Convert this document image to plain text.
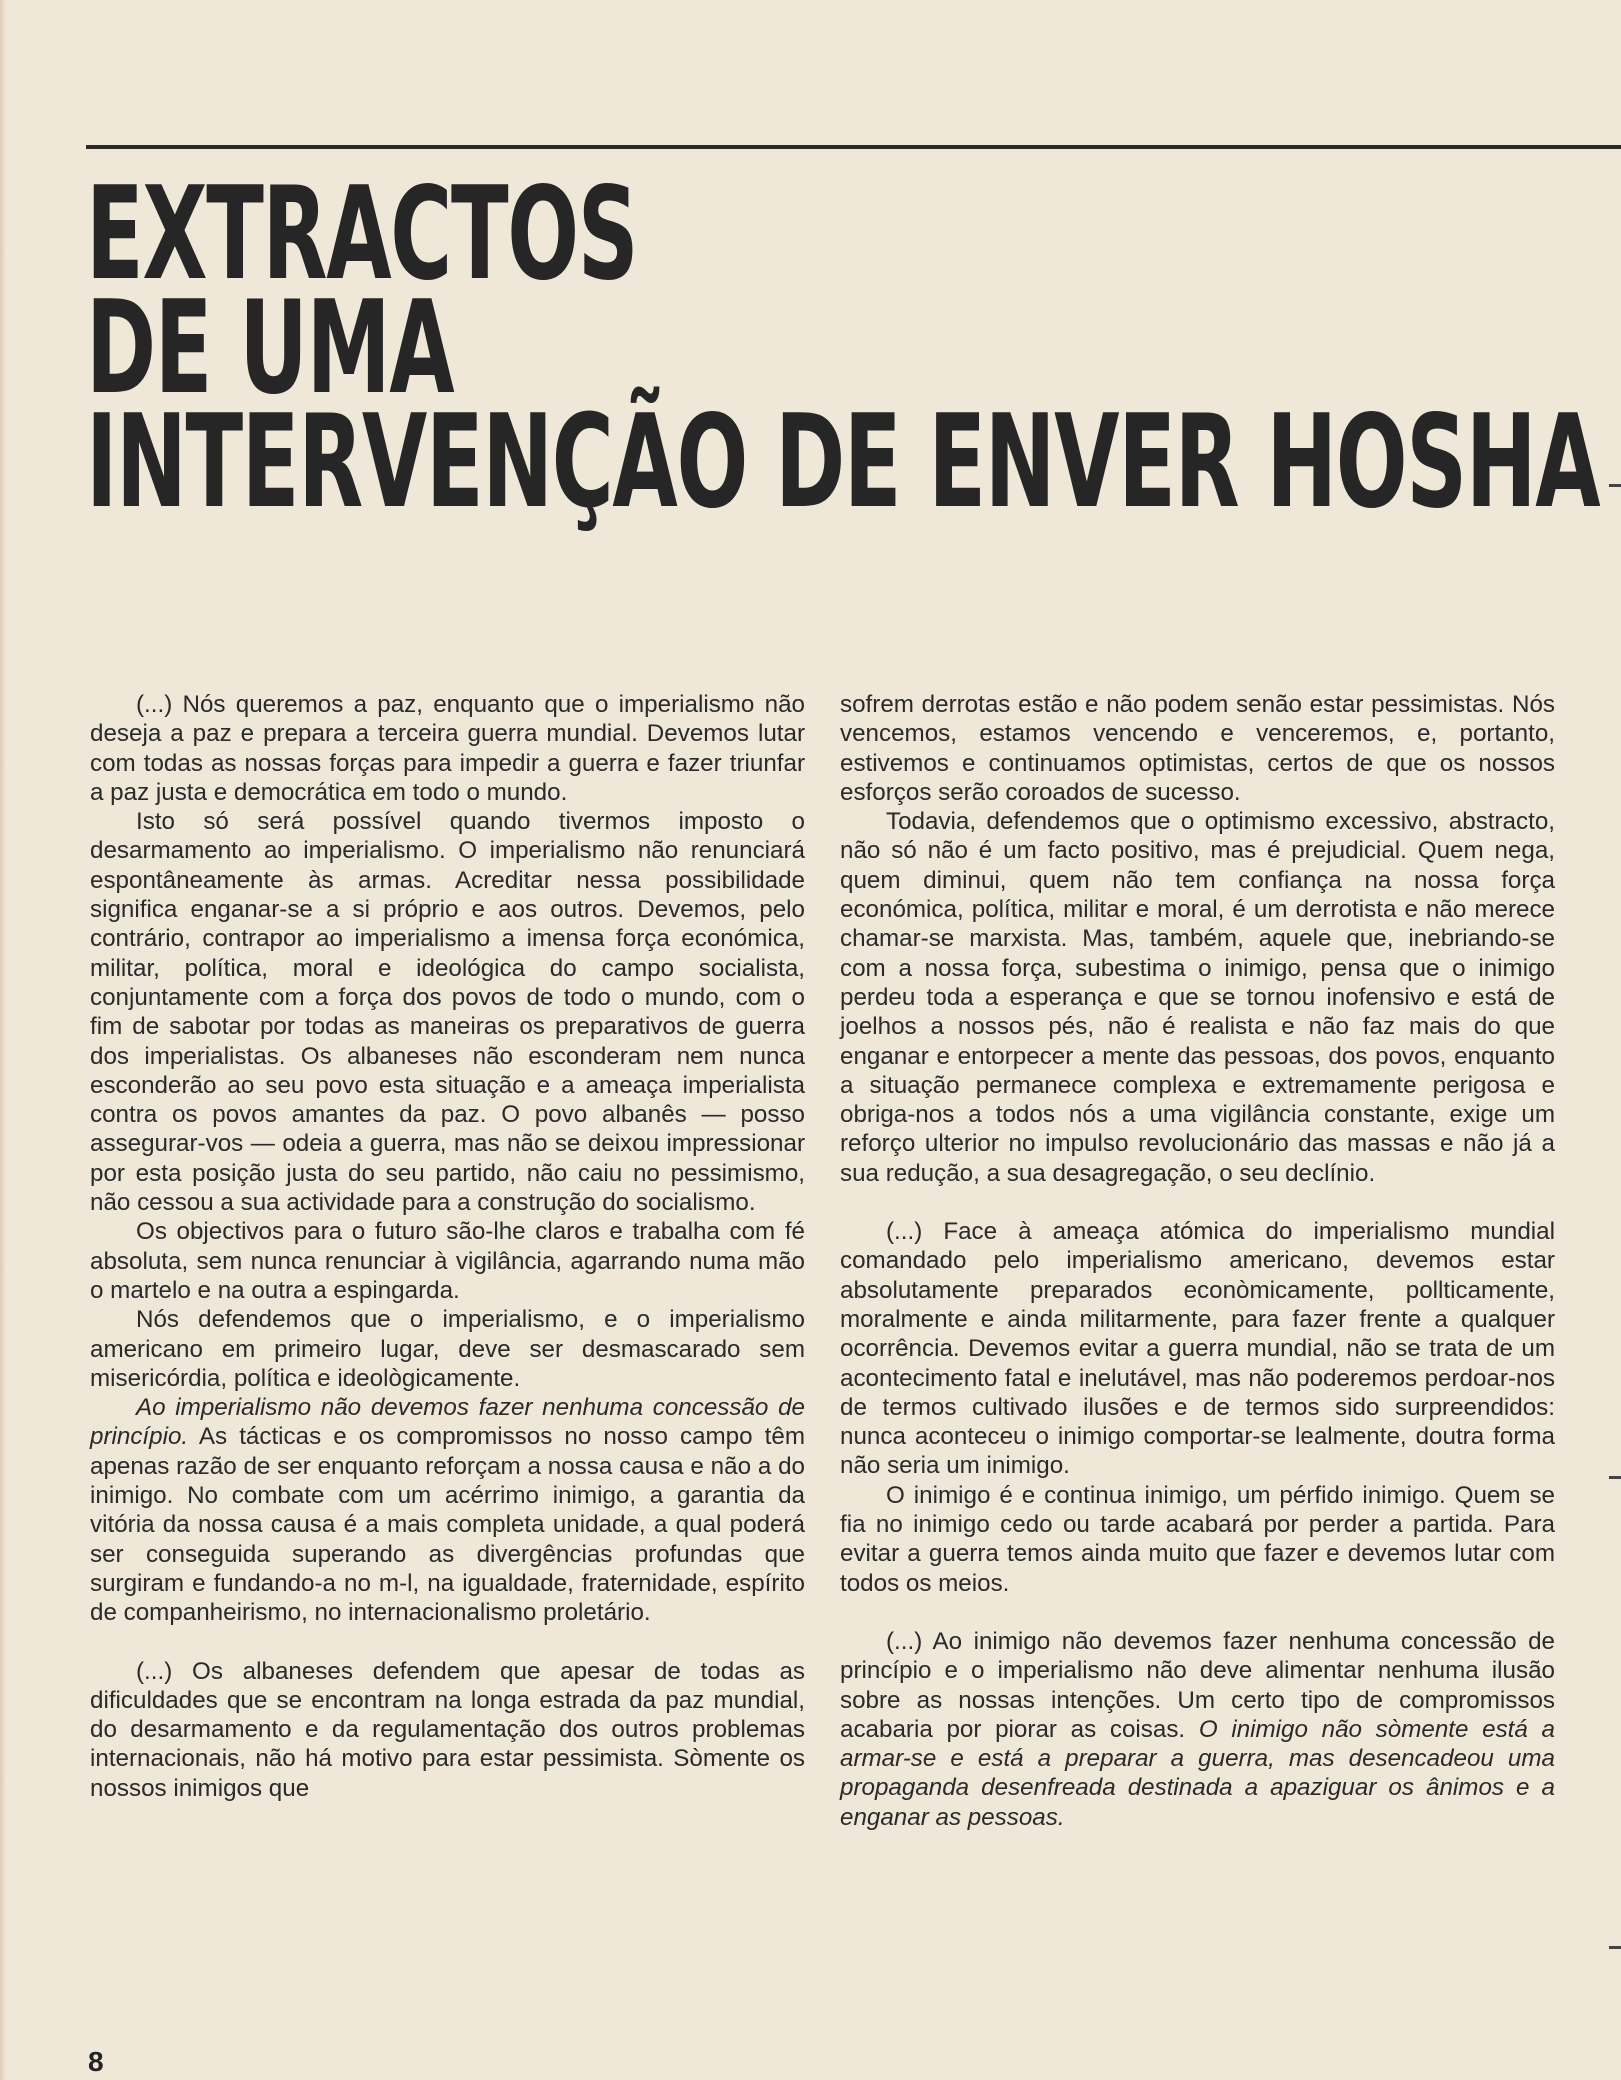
EXTRACTOS
DE UMA
INTERVENÇÃO DE ENVER HOSHA

(...) Nós queremos a paz, enquanto que o imperialismo não deseja a paz e prepara a terceira guerra mundial. Devemos lutar com todas as nossas forças para impedir a guerra e fazer triunfar a paz justa e democrática em todo o mundo.

Isto só será possível quando tivermos imposto o desarmamento ao imperialismo. O imperialismo não renunciará espontâneamente às armas. Acreditar nessa possibilidade significa enganar-se a si próprio e aos outros. Devemos, pelo contrário, contrapor ao imperialismo a imensa força económica, militar, política, moral e ideológica do campo socialista, conjuntamente com a força dos povos de todo o mundo, com o fim de sabotar por todas as maneiras os preparativos de guerra dos imperialistas. Os albaneses não esconderam nem nunca esconderão ao seu povo esta situação e a ameaça imperialista contra os povos amantes da paz. O povo albanês — posso assegurar-vos — odeia a guerra, mas não se deixou impressionar por esta posição justa do seu partido, não caiu no pessimismo, não cessou a sua actividade para a construção do socialismo.

Os objectivos para o futuro são-lhe claros e trabalha com fé absoluta, sem nunca renunciar à vigilância, agarrando numa mão o martelo e na outra a espingarda.

Nós defendemos que o imperialismo, e o imperialismo americano em primeiro lugar, deve ser desmascarado sem misericórdia, política e ideològicamente.

Ao imperialismo não devemos fazer nenhuma concessão de princípio. As tácticas e os compromissos no nosso campo têm apenas razão de ser enquanto reforçam a nossa causa e não a do inimigo. No combate com um acérrimo inimigo, a garantia da vitória da nossa causa é a mais completa unidade, a qual poderá ser conseguida superando as divergências profundas que surgiram e fundando-a no m-l, na igualdade, fraternidade, espírito de companheirismo, no internacionalismo proletário.

(...) Os albaneses defendem que apesar de todas as dificuldades que se encontram na longa estrada da paz mundial, do desarmamento e da regulamentação dos outros problemas internacionais, não há motivo para estar pessimista. Sòmente os nossos inimigos que

sofrem derrotas estão e não podem senão estar pessimistas. Nós vencemos, estamos vencendo e venceremos, e, portanto, estivemos e continuamos optimistas, certos de que os nossos esforços serão coroados de sucesso.

Todavia, defendemos que o optimismo excessivo, abstracto, não só não é um facto positivo, mas é prejudicial. Quem nega, quem diminui, quem não tem confiança na nossa força económica, política, militar e moral, é um derrotista e não merece chamar-se marxista. Mas, também, aquele que, inebriando-se com a nossa força, subestima o inimigo, pensa que o inimigo perdeu toda a esperança e que se tornou inofensivo e está de joelhos a nossos pés, não é realista e não faz mais do que enganar e entorpecer a mente das pessoas, dos povos, enquanto a situação permanece complexa e extremamente perigosa e obriga-nos a todos nós a uma vigilância constante, exige um reforço ulterior no impulso revolucionário das massas e não já a sua redução, a sua desagregação, o seu declínio.

(...) Face à ameaça atómica do imperialismo mundial comandado pelo imperialismo americano, devemos estar absolutamente preparados econòmicamente, pollticamente, moralmente e ainda militarmente, para fazer frente a qualquer ocorrência. Devemos evitar a guerra mundial, não se trata de um acontecimento fatal e inelutável, mas não poderemos perdoar-nos de termos cultivado ilusões e de termos sido surpreendidos: nunca aconteceu o inimigo comportar-se lealmente, doutra forma não seria um inimigo.

O inimigo é e continua inimigo, um pérfido inimigo. Quem se fia no inimigo cedo ou tarde acabará por perder a partida. Para evitar a guerra temos ainda muito que fazer e devemos lutar com todos os meios.

(...) Ao inimigo não devemos fazer nenhuma concessão de princípio e o imperialismo não deve alimentar nenhuma ilusão sobre as nossas intenções. Um certo tipo de compromissos acabaria por piorar as coisas. O inimigo não sòmente está a armar-se e está a preparar a guerra, mas desencadeou uma propaganda desenfreada destinada a apaziguar os ânimos e a enganar as pessoas.

8
